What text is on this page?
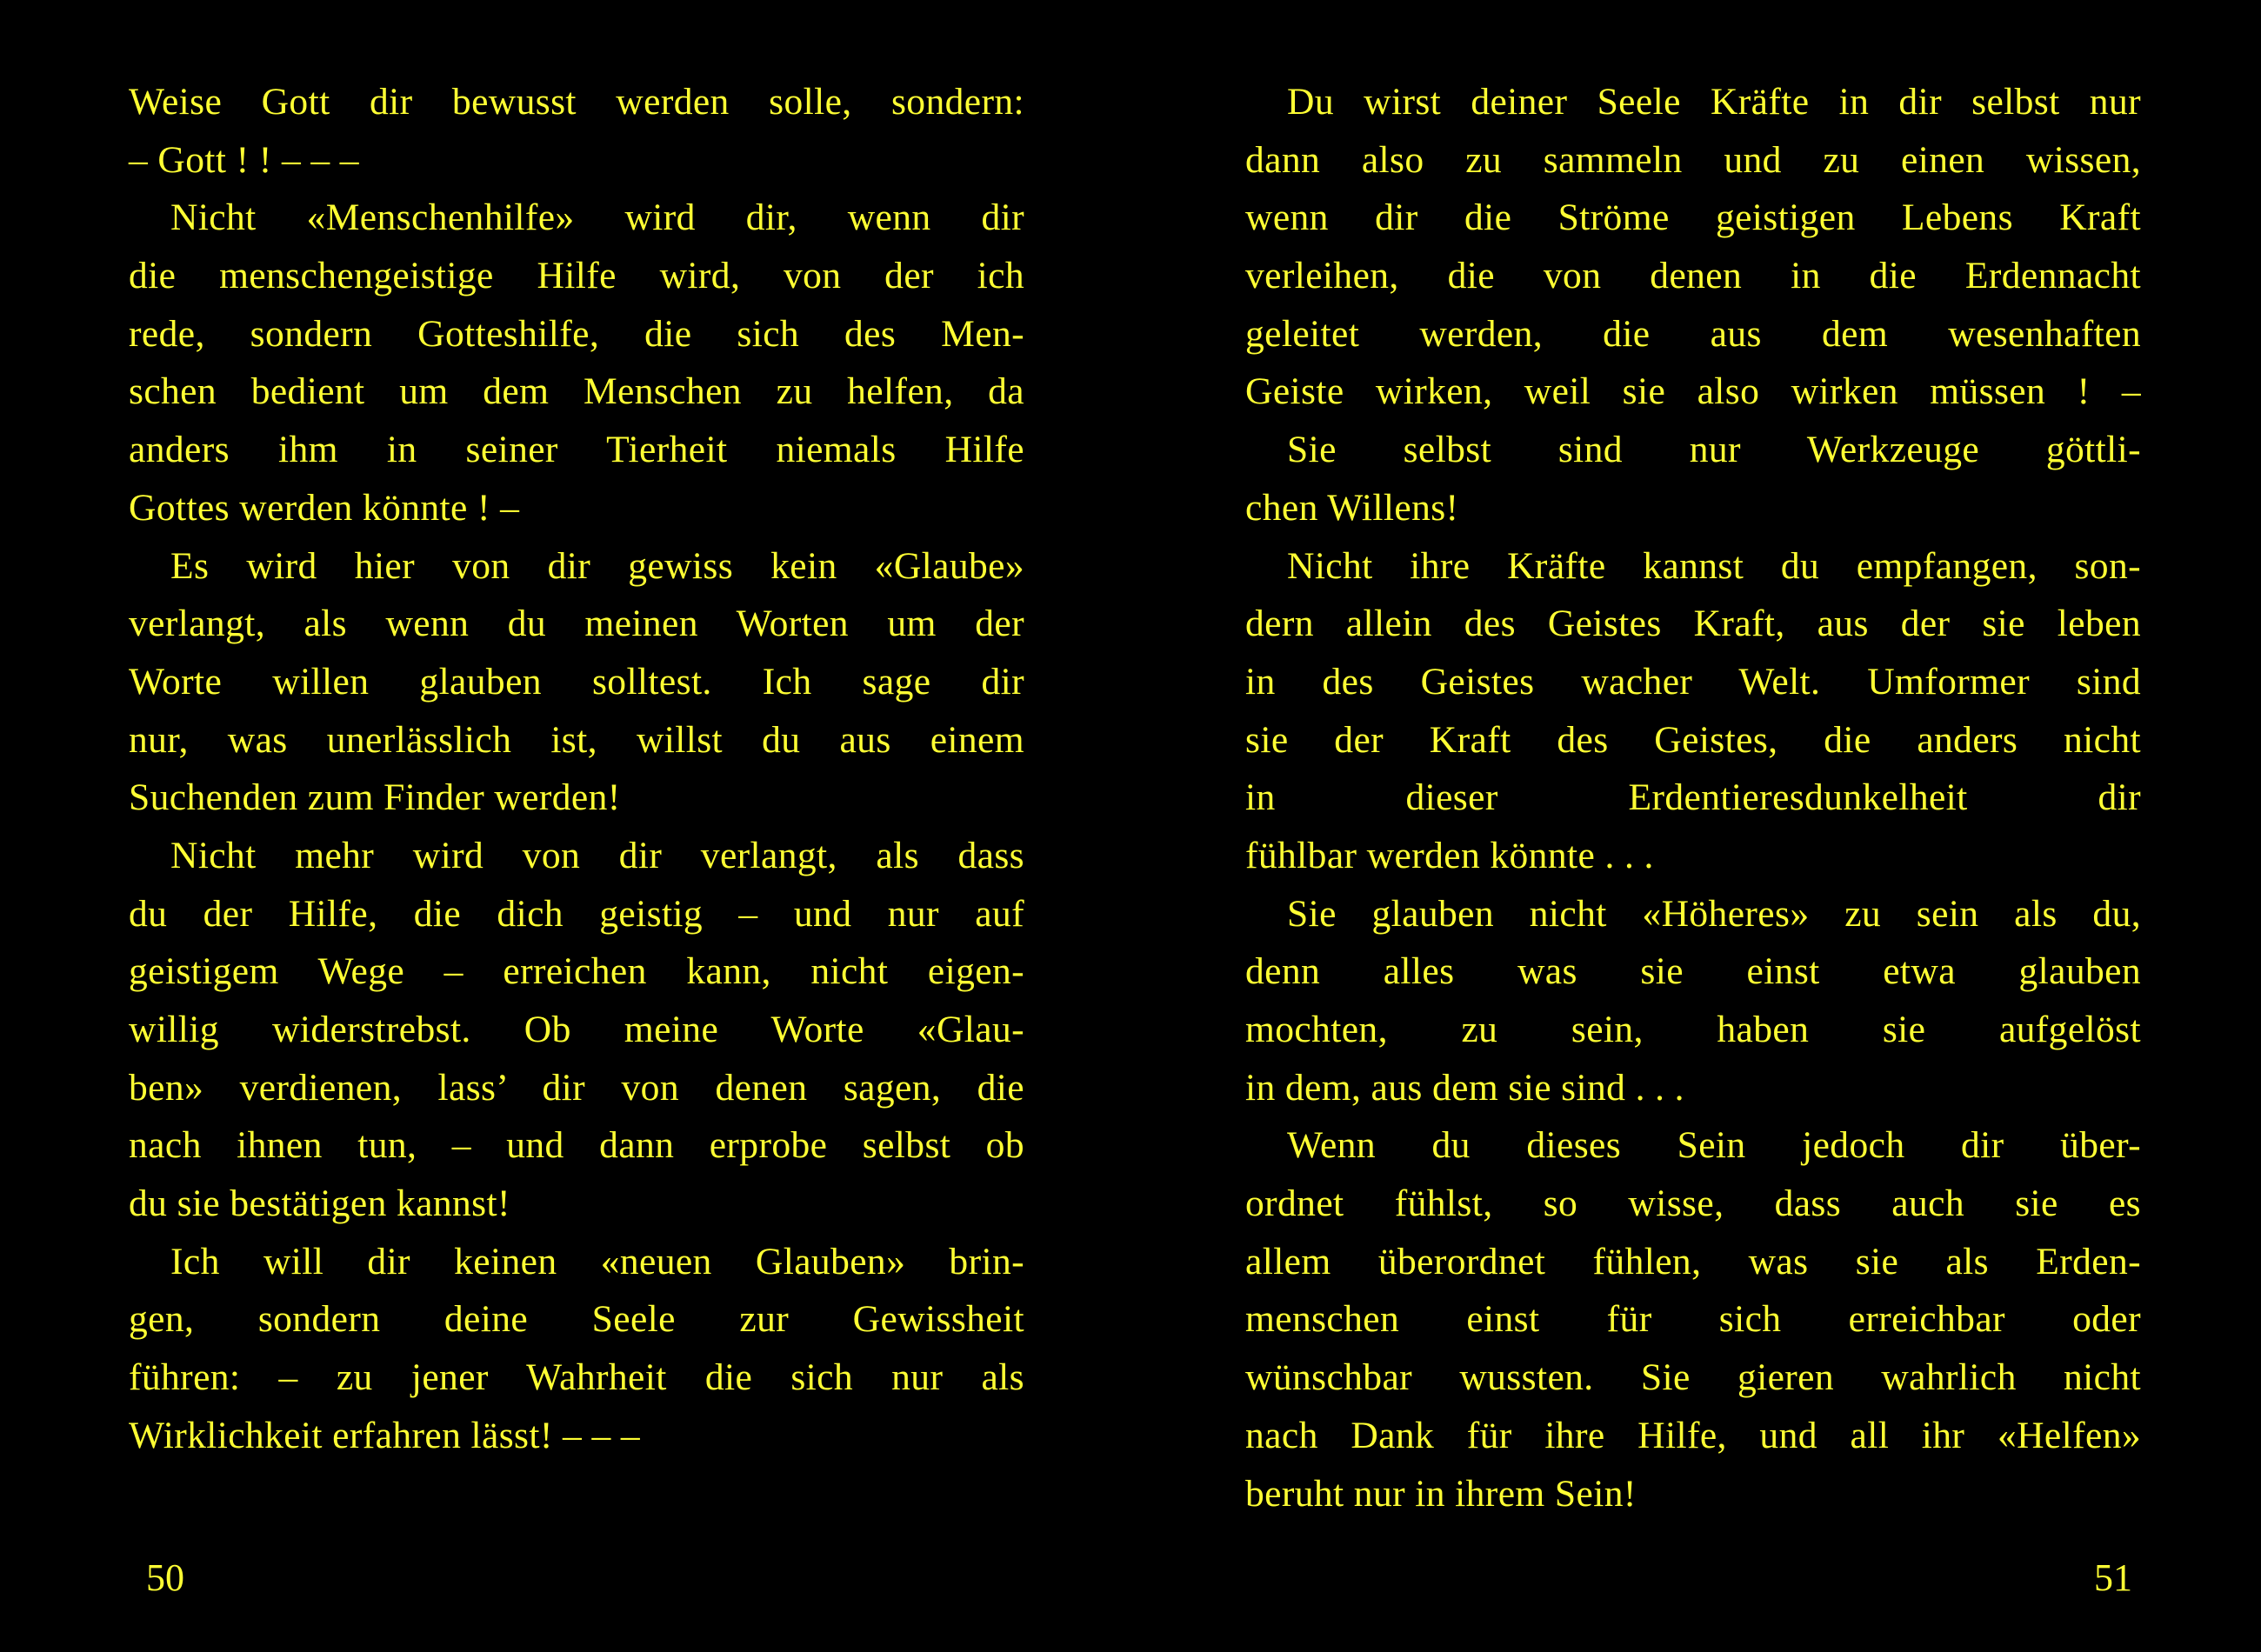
Weise Gott dir bewusst werden solle, sondern:
– Gott ! ! – – –
Nicht «Menschenhilfe» wird dir, wenn dir
die menschengeistige Hilfe wird, von der ich
rede, sondern Gotteshilfe, die sich des Men-
schen bedient um dem Menschen zu helfen, da
anders ihm in seiner Tierheit niemals Hilfe
Gottes werden könnte ! –
Es wird hier von dir gewiss kein «Glaube»
verlangt, als wenn du meinen Worten um der
Worte willen glauben solltest. Ich sage dir
nur, was unerlässlich ist, willst du aus einem
Suchenden zum Finder werden!
Nicht mehr wird von dir verlangt, als dass
du der Hilfe, die dich geistig – und nur auf
geistigem Wege – erreichen kann, nicht eigen-
willig widerstrebst. Ob meine Worte «Glau-
ben» verdienen, lass’ dir von denen sagen, die
nach ihnen tun, – und dann erprobe selbst ob
du sie bestätigen kannst!
Ich will dir keinen «neuen Glauben» brin-
gen, sondern deine Seele zur Gewissheit
führen: – zu jener Wahrheit die sich nur als
Wirklichkeit erfahren lässt! – – –
50
Du wirst deiner Seele Kräfte in dir selbst nur
dann also zu sammeln und zu einen wissen,
wenn dir die Ströme geistigen Lebens Kraft
verleihen, die von denen in die Erdennacht
geleitet werden, die aus dem wesenhaften
Geiste wirken, weil sie also wirken müssen ! –
Sie selbst sind nur Werkzeuge göttli-
chen Willens!
Nicht ihre Kräfte kannst du empfangen, son-
dern allein des Geistes Kraft, aus der sie leben
in des Geistes wacher Welt. Umformer sind
sie der Kraft des Geistes, die anders nicht
in dieser Erdentieresdunkelheit dir
fühlbar werden könnte . . .
Sie glauben nicht «Höheres» zu sein als du,
denn alles was sie einst etwa glauben
mochten, zu sein, haben sie aufgelöst
in dem, aus dem sie sind . . .
Wenn du dieses Sein jedoch dir über-
ordnet fühlst, so wisse, dass auch sie es
allem überordnet fühlen, was sie als Erden-
menschen einst für sich erreichbar oder
wünschbar wussten. Sie gieren wahrlich nicht
nach Dank für ihre Hilfe, und all ihr «Helfen»
beruht nur in ihrem Sein!
51
